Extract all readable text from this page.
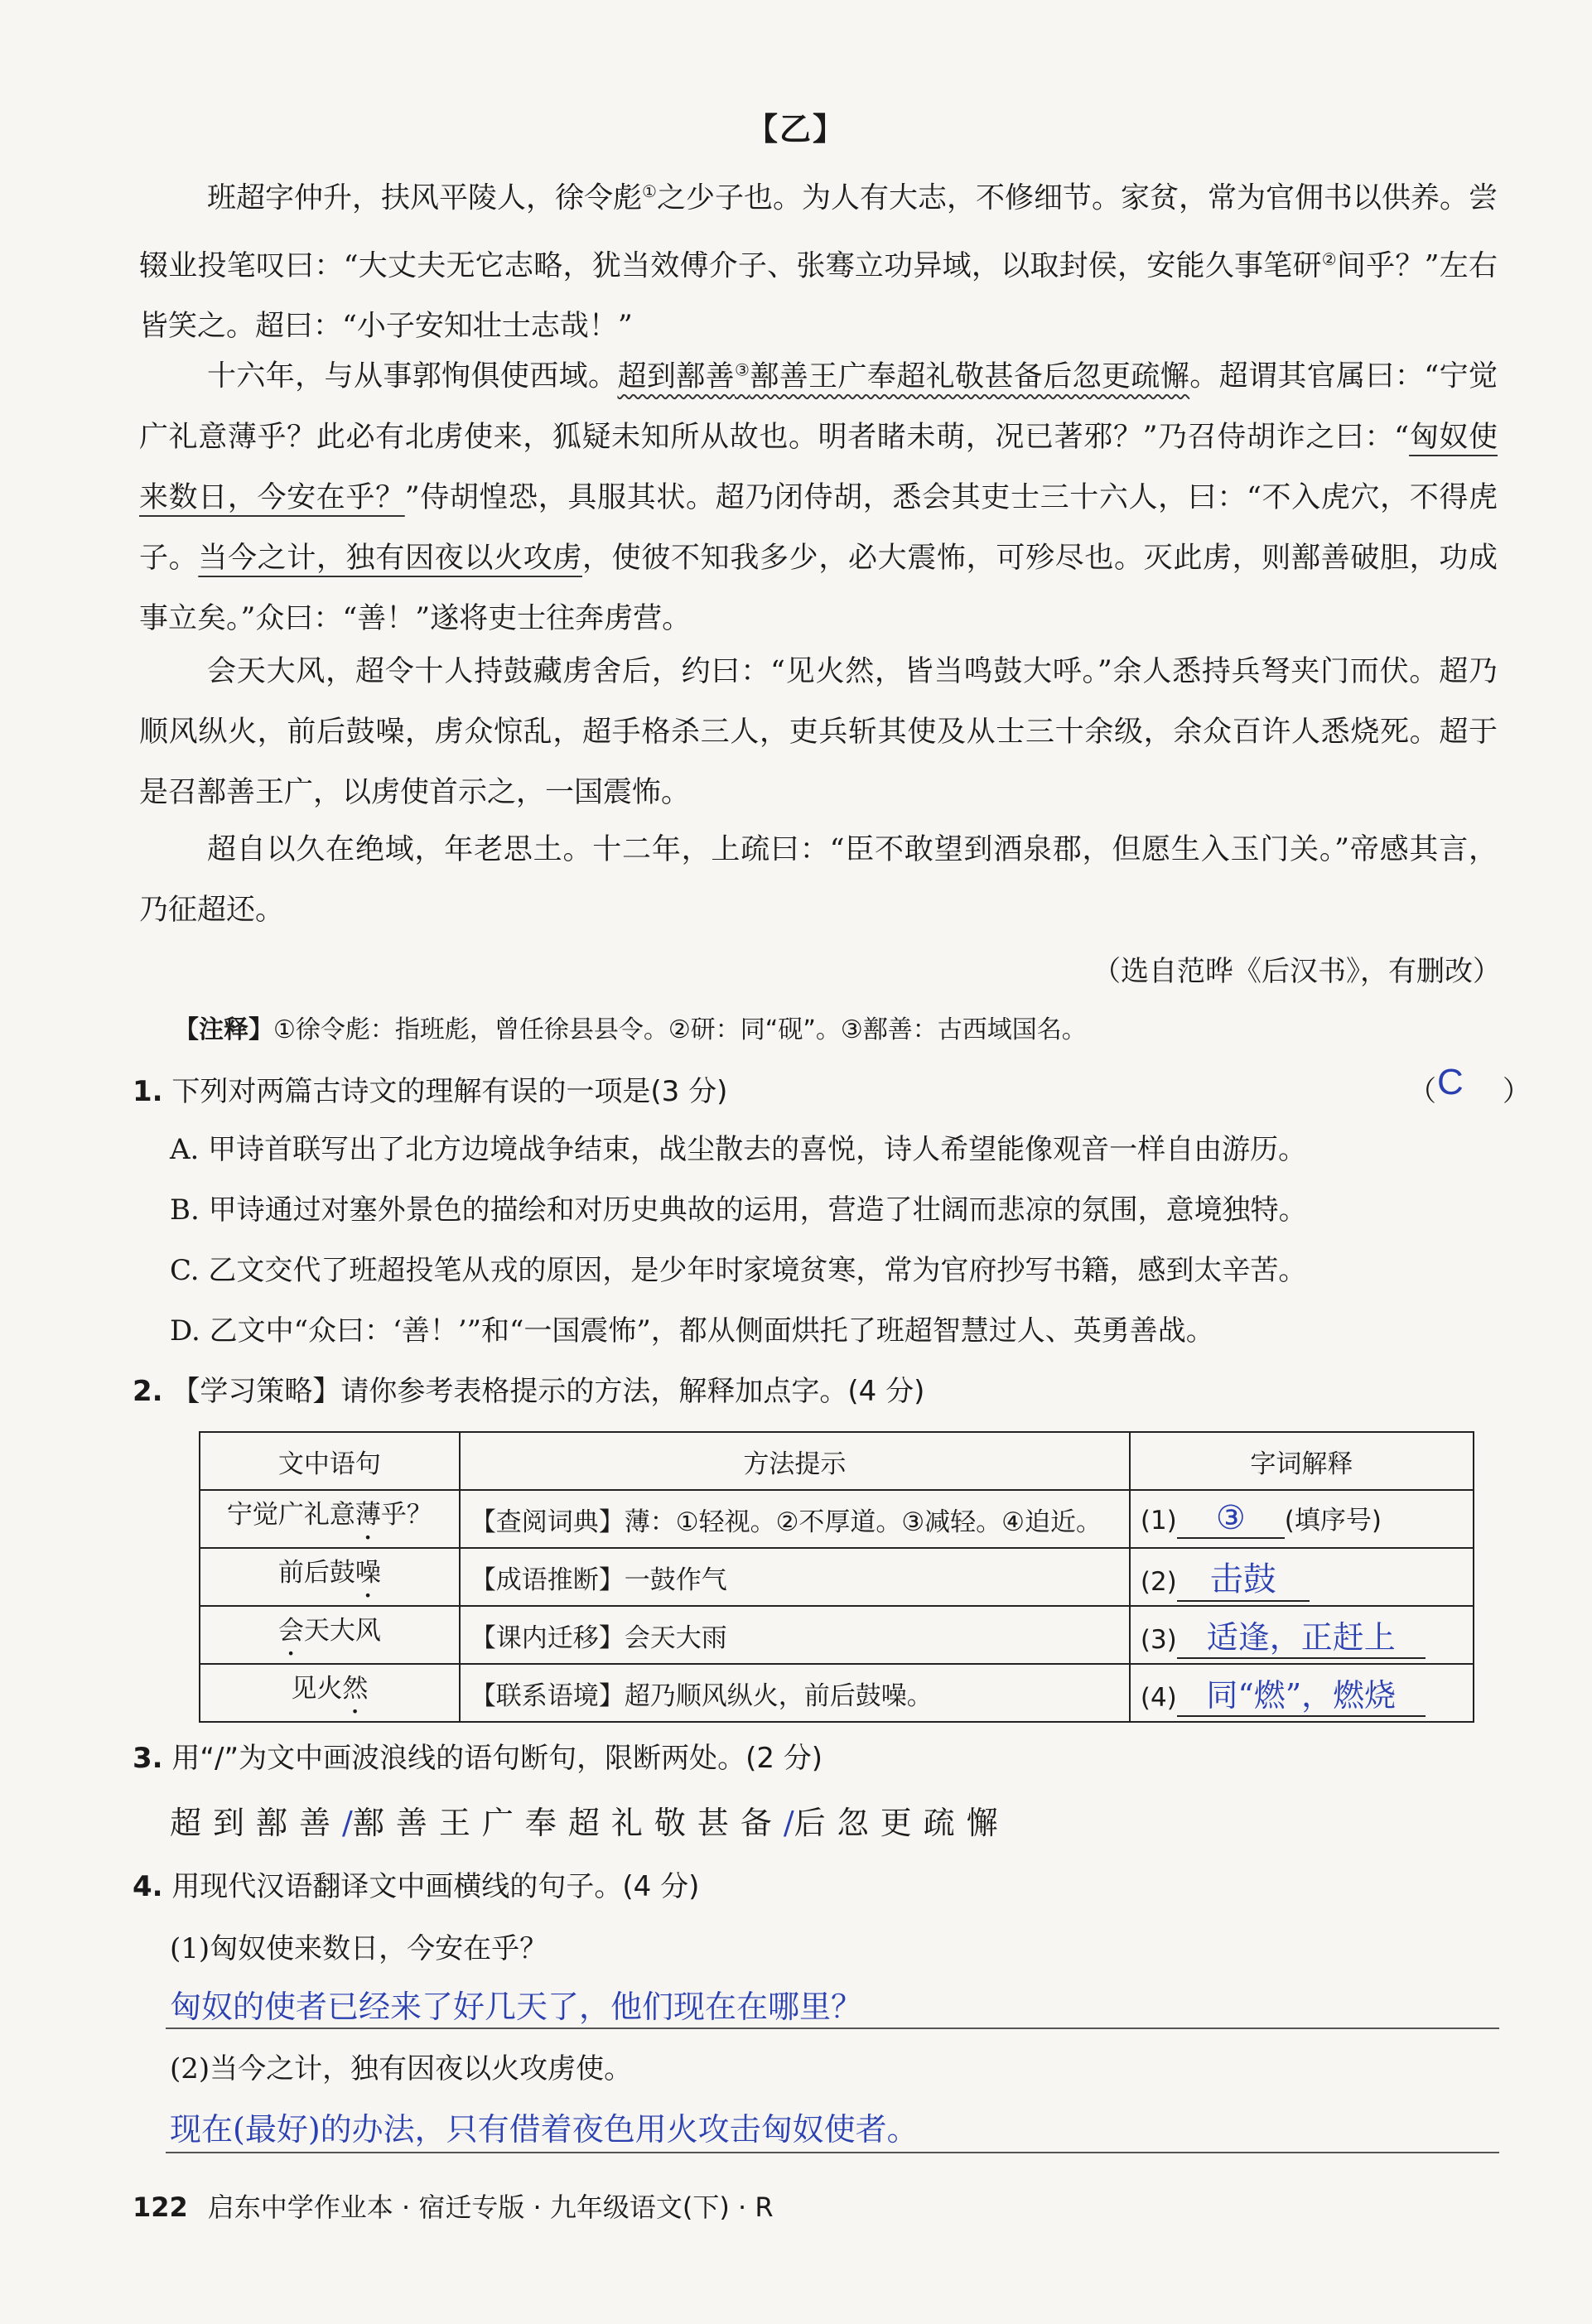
【乙】
班超字仲升，扶风平陵人，徐令彪①之少子也。为人有大志，不修细节。家贫，常为官佣书以供养。尝辍业投笔叹曰：“大丈夫无它志略，犹当效傅介子、张骞立功异域，以取封侯，安能久事笔研②间乎？”左右皆笑之。超曰：“小子安知壮士志哉！”
十六年，与从事郭恂俱使西域。超到鄯善③鄯善王广奉超礼敬甚备后忽更疏懈。超谓其官属曰：“宁觉广礼意薄乎？此必有北虏使来，狐疑未知所从故也。明者睹未萌，况已著邪？”乃召侍胡诈之曰：“匈奴使来数日，今安在乎？”侍胡惶恐，具服其状。超乃闭侍胡，悉会其吏士三十六人，曰：“不入虎穴，不得虎子。当今之计，独有因夜以火攻虏，使彼不知我多少，必大震怖，可殄尽也。灭此虏，则鄯善破胆，功成事立矣。”众曰：“善！”遂将吏士往奔虏营。
会天大风，超令十人持鼓藏虏舍后，约曰：“见火然，皆当鸣鼓大呼。”余人悉持兵弩夹门而伏。超乃顺风纵火，前后鼓噪，虏众惊乱，超手格杀三人，吏兵斩其使及从士三十余级，余众百许人悉烧死。超于是召鄯善王广，以虏使首示之，一国震怖。
超自以久在绝域，年老思土。十二年，上疏曰：“臣不敢望到酒泉郡，但愿生入玉门关。”帝感其言，乃征超还。
（选自范晔《后汉书》，有删改）
【注释】①徐令彪：指班彪，曾任徐县县令。②研：同“砚”。③鄯善：古西域国名。
1. 下列对两篇古诗文的理解有误的一项是(3 分)	（ ）
C
A. 甲诗首联写出了北方边境战争结束，战尘散去的喜悦，诗人希望能像观音一样自由游历。
B. 甲诗通过对塞外景色的描绘和对历史典故的运用，营造了壮阔而悲凉的氛围，意境独特。
C. 乙文交代了班超投笔从戎的原因，是少年时家境贫寒，常为官府抄写书籍，感到太辛苦。
D. 乙文中“众曰：‘善！’”和“一国震怖”，都从侧面烘托了班超智慧过人、英勇善战。
2. 【学习策略】请你参考表格提示的方法，解释加点字。(4 分)
文中语句	方法提示	字词解释
宁觉广礼意薄乎？	【查阅词典】薄：①轻视。②不厚道。③减轻。④迫近。	(1) ③ (填序号)
前后鼓噪	【成语推断】一鼓作气	(2) 击鼓
会天大风	【课内迁移】会天大雨	(3) 适逢，正赶上
见火然	【联系语境】超乃顺风纵火，前后鼓噪。	(4) 同“燃”，燃烧
3. 用“/”为文中画波浪线的语句断句，限断两处。(2 分)
超到鄯善/鄯善王广奉超礼敬甚备/后忽更疏懈
4. 用现代汉语翻译文中画横线的句子。(4 分)
(1)匈奴使来数日，今安在乎？
匈奴的使者已经来了好几天了，他们现在在哪里？
(2)当今之计，独有因夜以火攻虏使。
现在(最好)的办法，只有借着夜色用火攻击匈奴使者。
122 启东中学作业本 · 宿迁专版 · 九年级语文(下) · R
